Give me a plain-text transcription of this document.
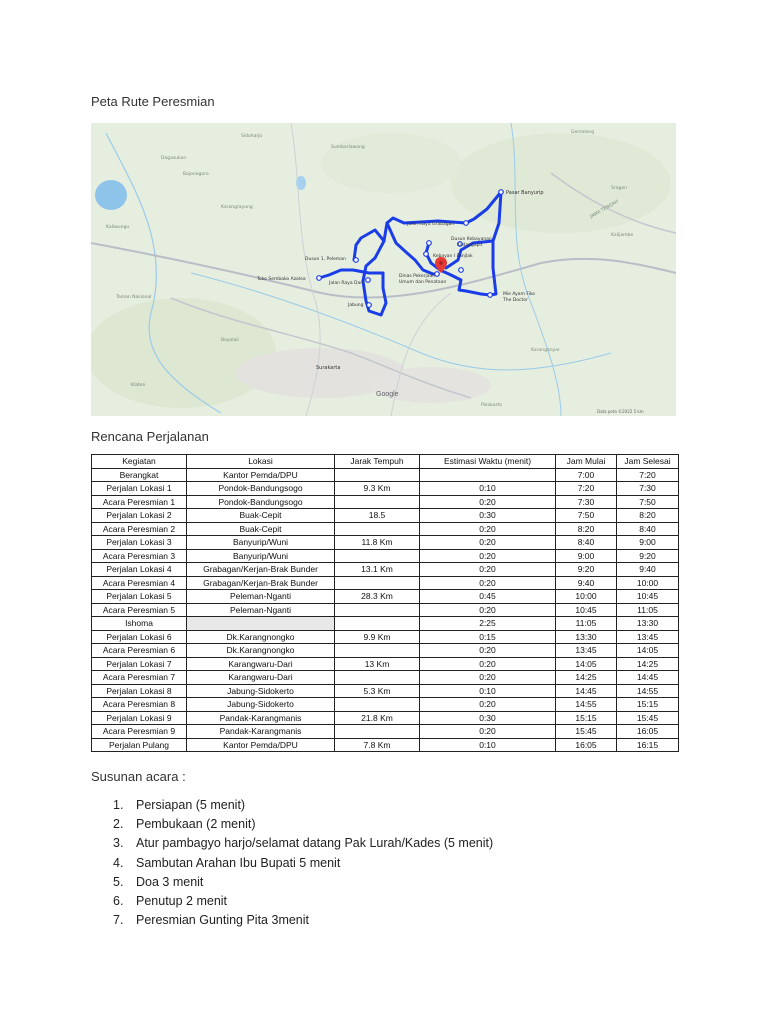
Peta Rute Peresmian
Sidoharjo
Sumberlawang
Gemolong
Dagasukan
Bojonegoro
Sragen
Kaliwungu
Karangrayung
Kalijambe
Taman Nasional
Boyolali
Karanganyar
Klaten
Polokarto
JAWA TENGAH
Pasar Banyurip
Jalan Raya Grabagan
Dusun Kebayanan
Kedangapit
Kebayan I Panjlak
Dusun 1, Peleman
Toko Sembako Azalea
Jalan Raya Dari
Dinas Pekerjaan
Umum dan Penataan
Jabung
Mie Ayam Fiko
The Doctor
Surakarta
Google
Data peta ©2022 5 km
Rencana Perjalanan
Kegiatan	Lokasi	Jarak Tempuh	Estimasi Waktu (menit)	Jam Mulai	Jam Selesai
Berangkat	Kantor Pemda/DPU			7:00	7:20
Perjalan Lokasi 1	Pondok-Bandungsogo	9.3 Km	0:10	7:20	7:30
Acara Peresmian 1	Pondok-Bandungsogo		0:20	7:30	7:50
Perjalan Lokasi 2	Buak-Cepit	18.5	0:30	7:50	8:20
Acara Peresmian 2	Buak-Cepit		0:20	8:20	8:40
Perjalan Lokasi 3	Banyurip/Wuni	11.8 Km	0:20	8:40	9:00
Acara Peresmian 3	Banyurip/Wuni		0:20	9:00	9:20
Perjalan Lokasi 4	Grabagan/Kerjan-Brak Bunder	13.1 Km	0:20	9:20	9:40
Acara Peresmian 4	Grabagan/Kerjan-Brak Bunder		0:20	9:40	10:00
Perjalan Lokasi 5	Peleman-Nganti	28.3 Km	0:45	10:00	10:45
Acara Peresmian 5	Peleman-Nganti		0:20	10:45	11:05
Ishoma			2:25	11:05	13:30
Perjalan Lokasi 6	Dk.Karangnongko	9.9 Km	0:15	13:30	13:45
Acara Peresmian 6	Dk.Karangnongko		0:20	13:45	14:05
Perjalan Lokasi 7	Karangwaru-Dari	13 Km	0:20	14:05	14:25
Acara Peresmian 7	Karangwaru-Dari		0:20	14:25	14:45
Perjalan Lokasi 8	Jabung-Sidokerto	5.3 Km	0:10	14:45	14:55
Acara Peresmian 8	Jabung-Sidokerto		0:20	14:55	15:15
Perjalan Lokasi 9	Pandak-Karangmanis	21.8 Km	0:30	15:15	15:45
Acara Peresmian 9	Pandak-Karangmanis		0:20	15:45	16:05
Perjalan Pulang	Kantor Pemda/DPU	7.8 Km	0:10	16:05	16:15
Susunan acara :
1. Persiapan (5 menit)
2. Pembukaan (2 menit)
3. Atur pambagyo harjo/selamat datang Pak Lurah/Kades (5 menit)
4. Sambutan Arahan Ibu Bupati 5 menit
5. Doa 3 menit
6. Penutup 2 menit
7. Peresmian Gunting Pita 3menit
